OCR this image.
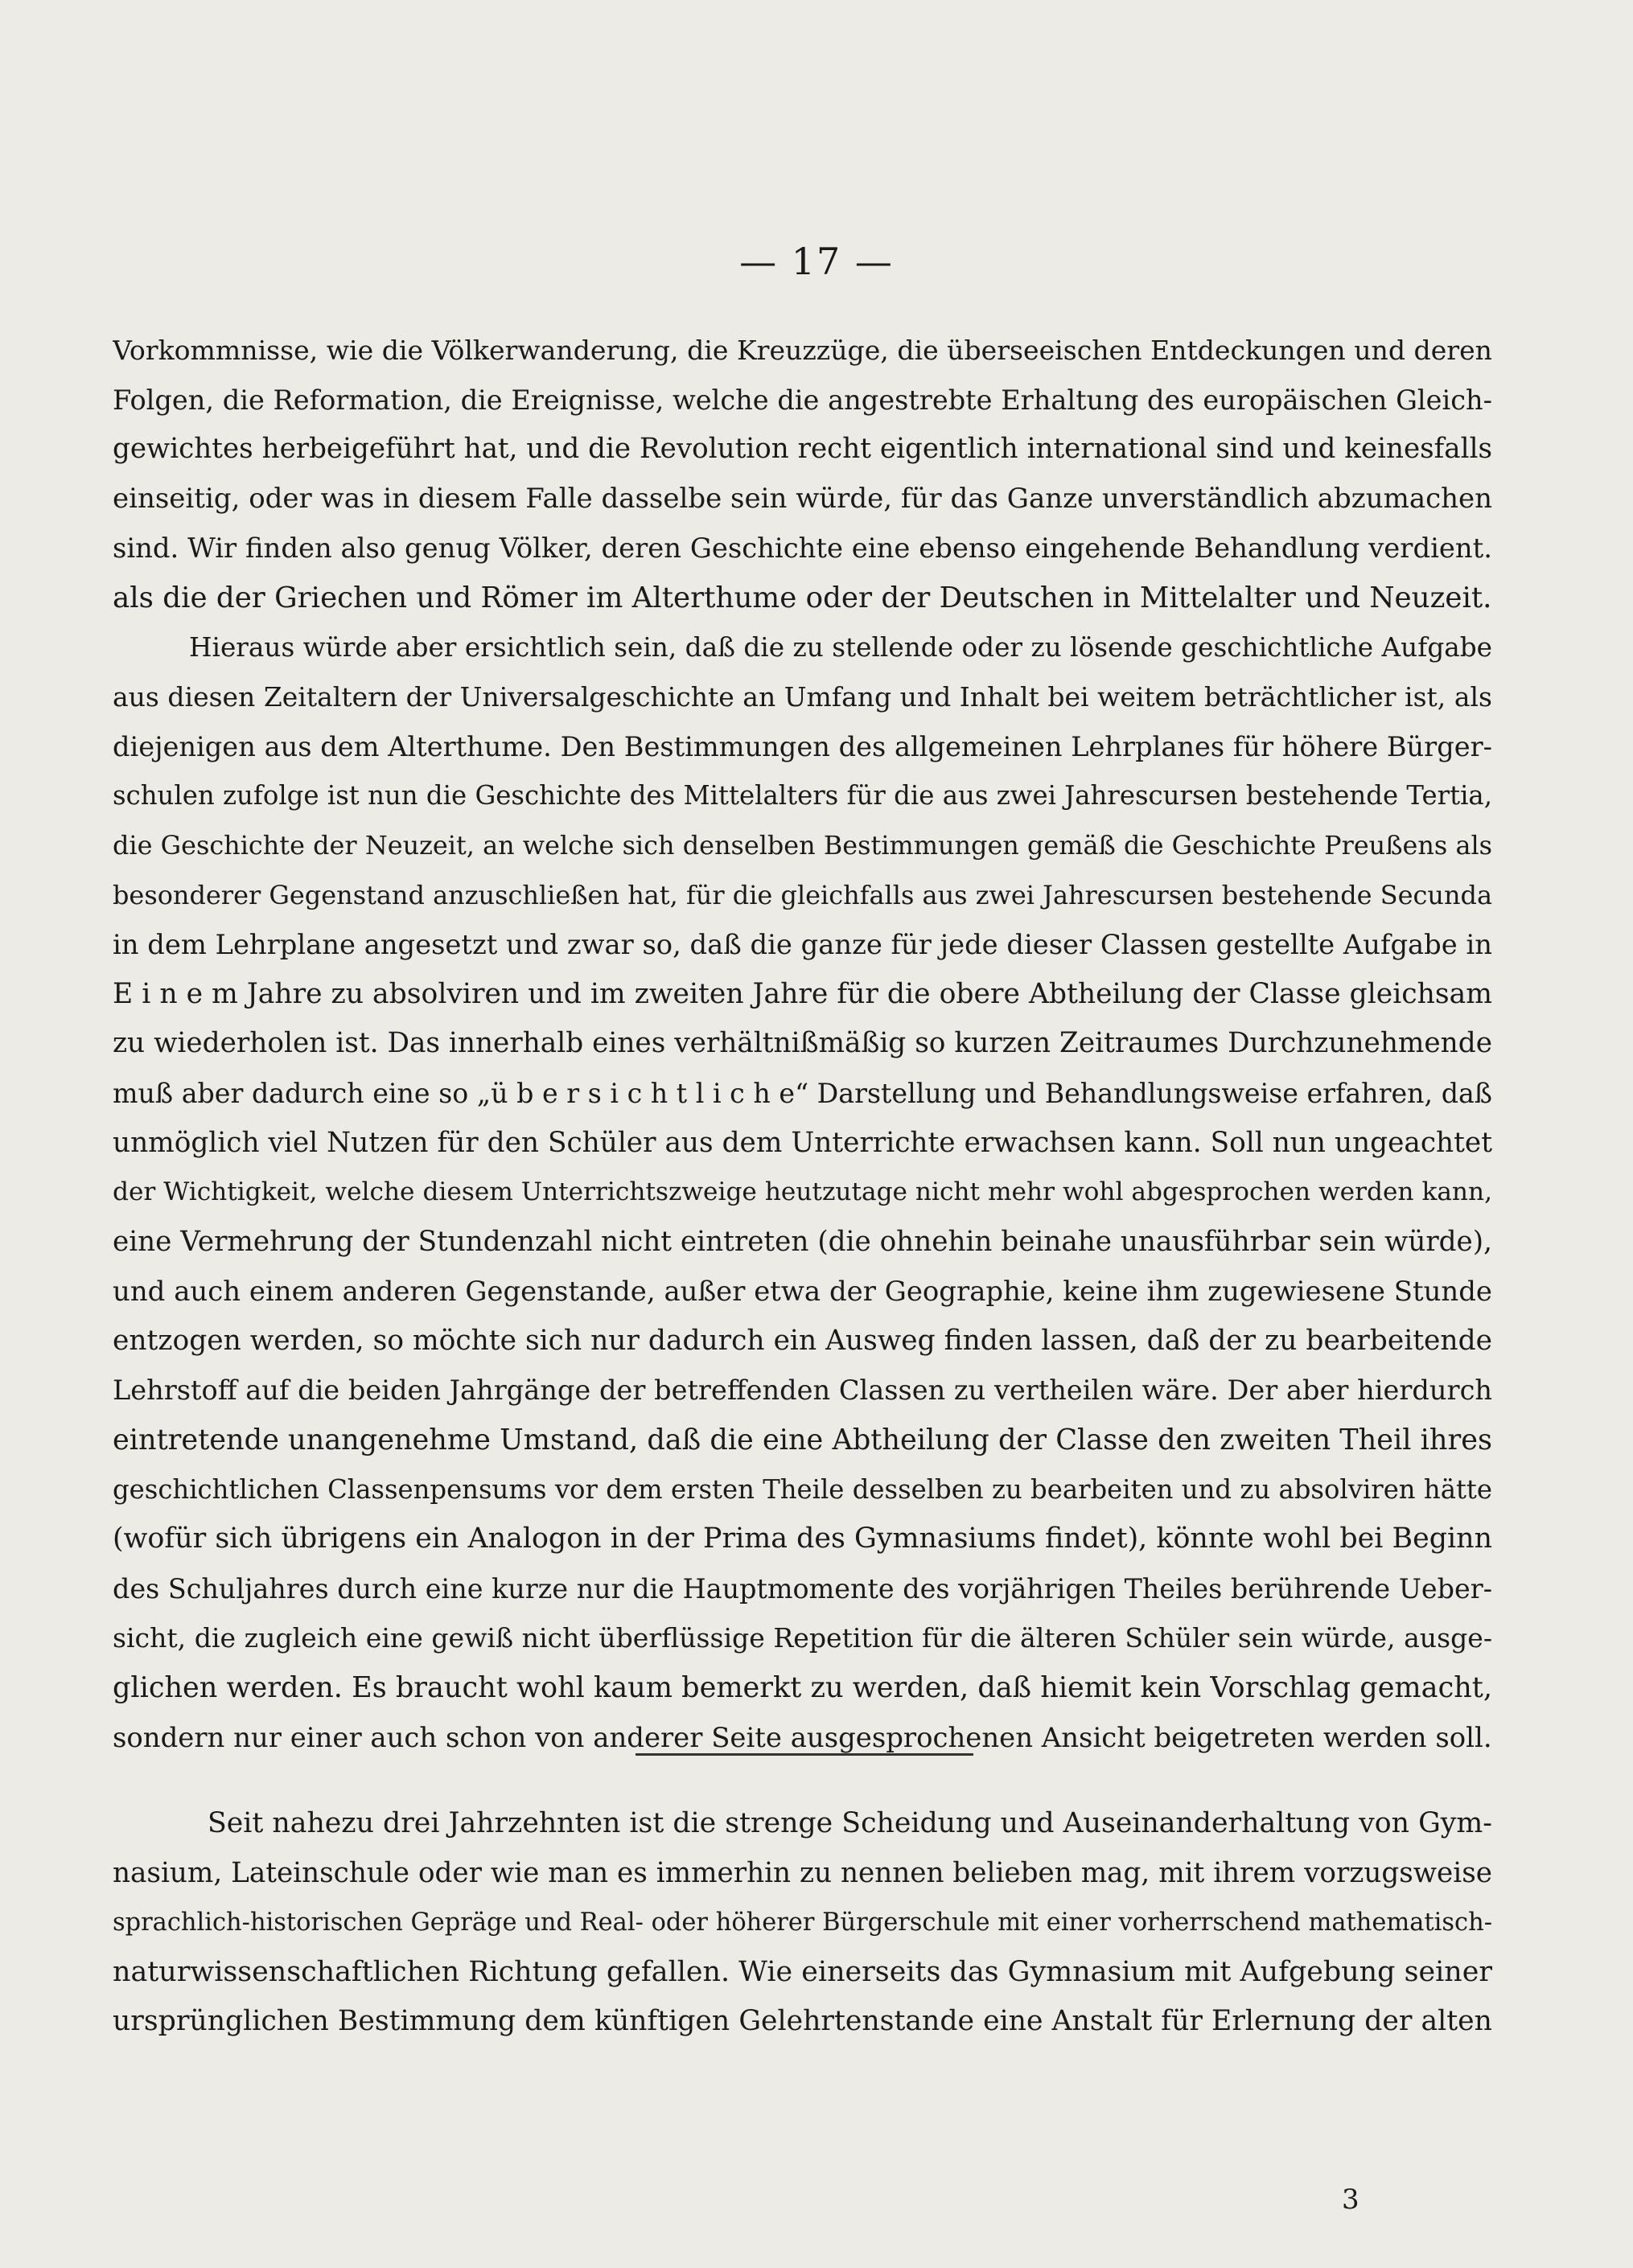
— 17 —
Vorkommnisse, wie die Völkerwanderung, die Kreuzzüge, die überseeischen Entdeckungen und deren
Folgen, die Reformation, die Ereignisse, welche die angestrebte Erhaltung des europäischen Gleich-
gewichtes herbeigeführt hat, und die Revolution recht eigentlich international sind und keinesfalls
einseitig, oder was in diesem Falle dasselbe sein würde, für das Ganze unverständlich abzumachen
sind. Wir finden also genug Völker, deren Geschichte eine ebenso eingehende Behandlung verdient.
als die der Griechen und Römer im Alterthume oder der Deutschen in Mittelalter und Neuzeit.
Hieraus würde aber ersichtlich sein, daß die zu stellende oder zu lösende geschichtliche Aufgabe
aus diesen Zeitaltern der Universalgeschichte an Umfang und Inhalt bei weitem beträchtlicher ist, als
diejenigen aus dem Alterthume. Den Bestimmungen des allgemeinen Lehrplanes für höhere Bürger-
schulen zufolge ist nun die Geschichte des Mittelalters für die aus zwei Jahrescursen bestehende Tertia,
die Geschichte der Neuzeit, an welche sich denselben Bestimmungen gemäß die Geschichte Preußens als
besonderer Gegenstand anzuschließen hat, für die gleichfalls aus zwei Jahrescursen bestehende Secunda
in dem Lehrplane angesetzt und zwar so, daß die ganze für jede dieser Classen gestellte Aufgabe in
E i n e m Jahre zu absolviren und im zweiten Jahre für die obere Abtheilung der Classe gleichsam
zu wiederholen ist. Das innerhalb eines verhältnißmäßig so kurzen Zeitraumes Durchzunehmende
muß aber dadurch eine so „ü b e r s i c h t l i c h e“ Darstellung und Behandlungsweise erfahren, daß
unmöglich viel Nutzen für den Schüler aus dem Unterrichte erwachsen kann. Soll nun ungeachtet
der Wichtigkeit, welche diesem Unterrichtszweige heutzutage nicht mehr wohl abgesprochen werden kann,
eine Vermehrung der Stundenzahl nicht eintreten (die ohnehin beinahe unausführbar sein würde),
und auch einem anderen Gegenstande, außer etwa der Geographie, keine ihm zugewiesene Stunde
entzogen werden, so möchte sich nur dadurch ein Ausweg finden lassen, daß der zu bearbeitende
Lehrstoff auf die beiden Jahrgänge der betreffenden Classen zu vertheilen wäre. Der aber hierdurch
eintretende unangenehme Umstand, daß die eine Abtheilung der Classe den zweiten Theil ihres
geschichtlichen Classenpensums vor dem ersten Theile desselben zu bearbeiten und zu absolviren hätte
(wofür sich übrigens ein Analogon in der Prima des Gymnasiums findet), könnte wohl bei Beginn
des Schuljahres durch eine kurze nur die Hauptmomente des vorjährigen Theiles berührende Ueber-
sicht, die zugleich eine gewiß nicht überflüssige Repetition für die älteren Schüler sein würde, ausge-
glichen werden. Es braucht wohl kaum bemerkt zu werden, daß hiemit kein Vorschlag gemacht,
sondern nur einer auch schon von anderer Seite ausgesprochenen Ansicht beigetreten werden soll.
Seit nahezu drei Jahrzehnten ist die strenge Scheidung und Auseinanderhaltung von Gym-
nasium, Lateinschule oder wie man es immerhin zu nennen belieben mag, mit ihrem vorzugsweise
sprachlich-historischen Gepräge und Real- oder höherer Bürgerschule mit einer vorherrschend mathematisch-
naturwissenschaftlichen Richtung gefallen. Wie einerseits das Gymnasium mit Aufgebung seiner
ursprünglichen Bestimmung dem künftigen Gelehrtenstande eine Anstalt für Erlernung der alten
3
